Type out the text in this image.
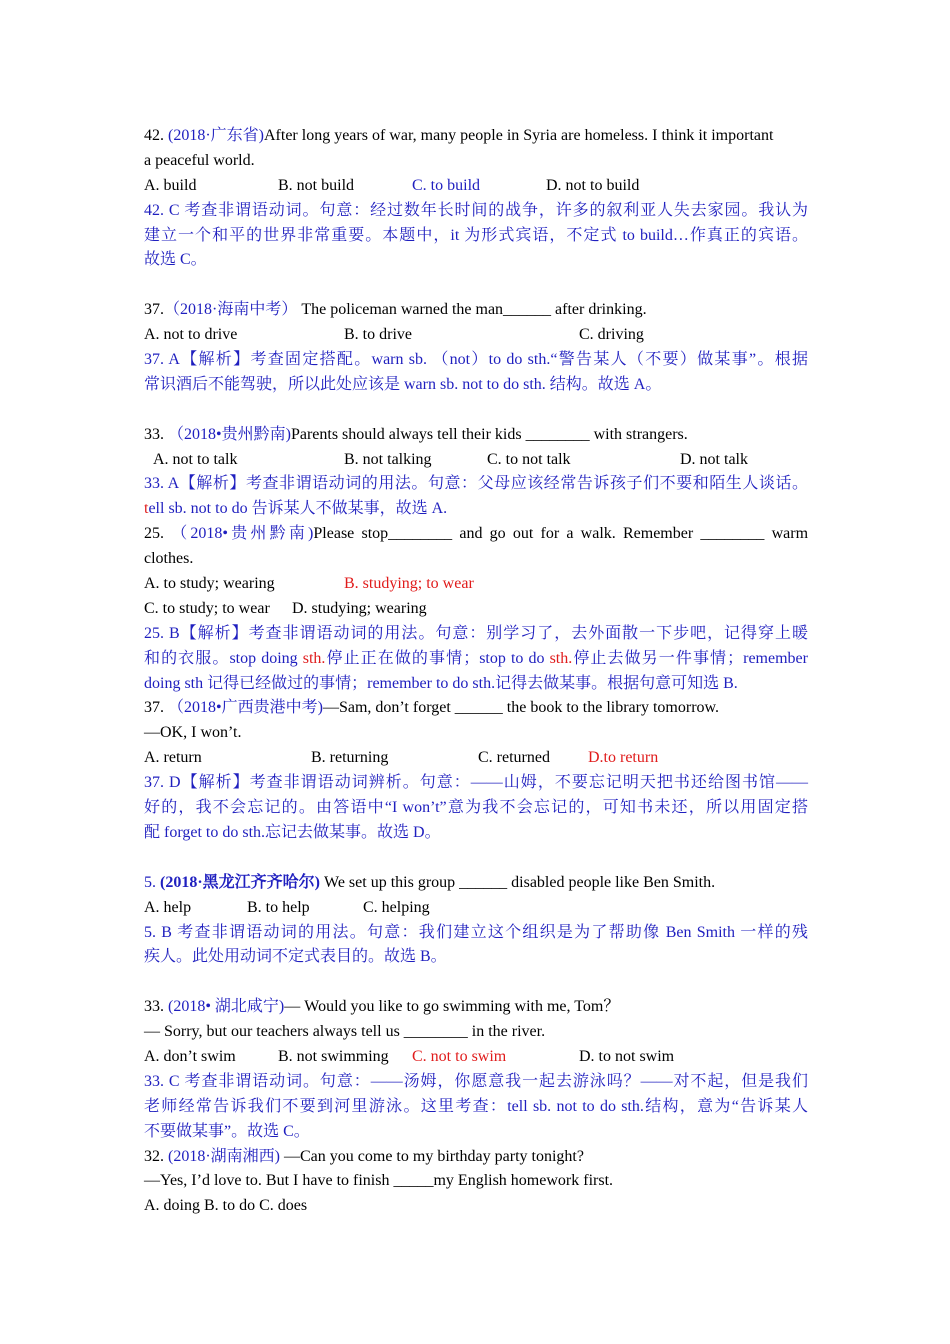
42. (2018·广东省)After long years of war, many people in Syria are homeless. I think it important
a peaceful world.
A. build	B. not build	C. to build	D. not to build
42. C 考查非谓语动词。句意：经过数年长时间的战争，许多的叙利亚人失去家园。我认为
建立一个和平的世界非常重要。本题中，it 为形式宾语，不定式 to build…作真正的宾语。
故选 C。
37.（2018·海南中考） The policeman warned the man______ after drinking.
A. not to drive	B. to drive	C. driving
37. A【解析】考查固定搭配。warn sb. （not）to do sth.“警告某人（不要）做某事”。根据
常识酒后不能驾驶，所以此处应该是 warn sb. not to do sth. 结构。故选 A。
33. （2018•贵州黔南)Parents should always tell their kids ________ with strangers.
A. not to talk	B. not talking	C. to not talk	D. not talk
33. A【解析】考查非谓语动词的用法。句意：父母应该经常告诉孩子们不要和陌生人谈话。
tell sb. not to do 告诉某人不做某事，故选 A.
25. （2018•贵州黔南)Please stop________ and go out for a walk. Remember ________ warm
clothes.
A. to study; wearing	B. studying; to wear
C. to study; to wear D. studying; wearing
25. B【解析】考查非谓语动词的用法。句意：别学习了，去外面散一下步吧，记得穿上暖
和的衣服。stop doing sth.停止正在做的事情；stop to do sth.停止去做另一件事情；remember
doing sth 记得已经做过的事情；remember to do sth.记得去做某事。根据句意可知选 B.
37. （2018•广西贵港中考)—Sam, don’t forget ______ the book to the library tomorrow.
—OK, I won’t.
A. return	B. returning	C. returned D.to return
37. D【解析】考查非谓语动词辨析。句意：——山姆，不要忘记明天把书还给图书馆——
好的，我不会忘记的。由答语中“I won’t”意为我不会忘记的，可知书未还，所以用固定搭
配 forget to do sth.忘记去做某事。故选 D。
5. (2018·黑龙江齐齐哈尔) We set up this group ______ disabled people like Ben Smith.
A. help	B. to help	C. helping
5. B 考查非谓语动词的用法。句意：我们建立这个组织是为了帮助像 Ben Smith 一样的残
疾人。此处用动词不定式表目的。故选 B。
33. (2018• 湖北咸宁)— Would you like to go swimming with me, Tom？
— Sorry, but our teachers always tell us ________ in the river.
A. don’t swim	B. not swimming C. not to swim	D. to not swim
33. C 考查非谓语动词。句意：——汤姆，你愿意我一起去游泳吗？——对不起，但是我们
老师经常告诉我们不要到河里游泳。这里考查：tell sb. not to do sth.结构，意为“告诉某人
不要做某事”。故选 C。
32. (2018·湖南湘西) —Can you come to my birthday party tonight?
—Yes, I’d love to. But I have to finish _____my English homework first.
A. doing B. to do C. does
